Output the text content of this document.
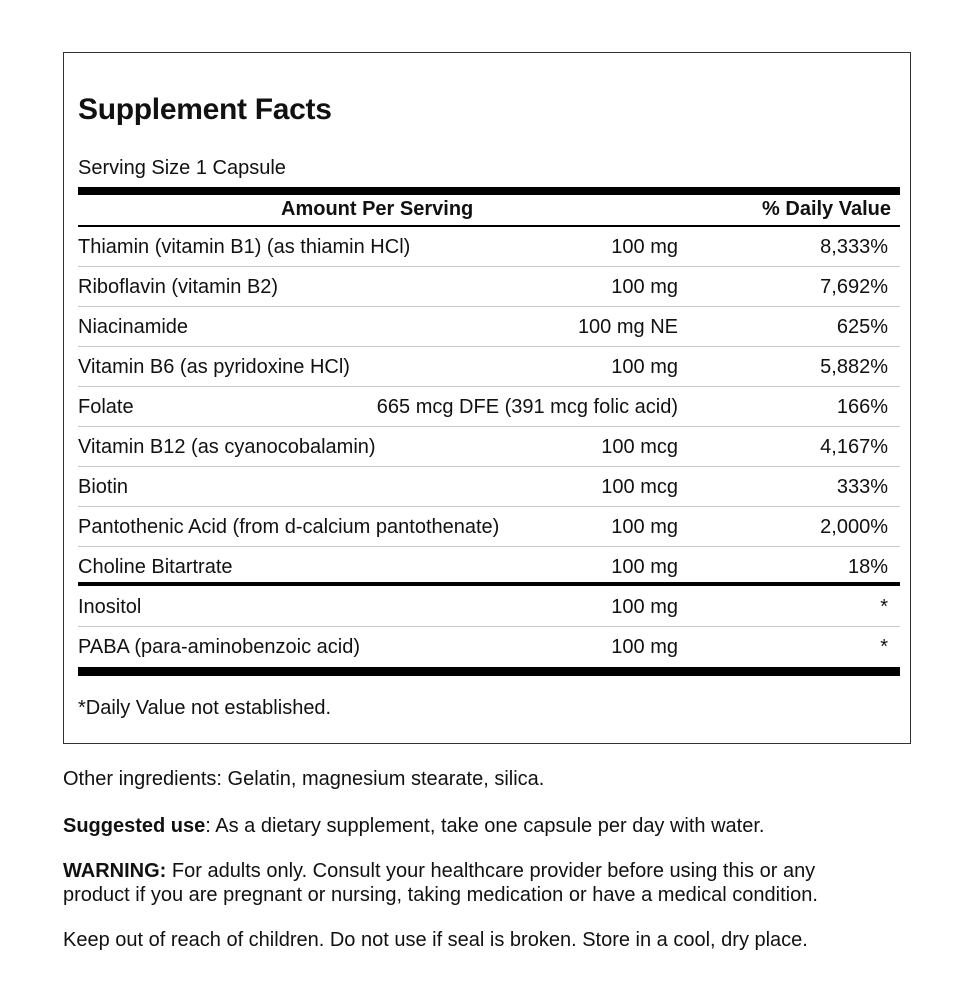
Supplement Facts
Serving Size 1 Capsule
Amount Per Serving	% Daily Value
Thiamin (vitamin B1) (as thiamin HCl)	100 mg	8,333%
Riboflavin (vitamin B2)	100 mg	7,692%
Niacinamide	100 mg NE	625%
Vitamin B6 (as pyridoxine HCl)	100 mg	5,882%
Folate	665 mcg DFE (391 mcg folic acid)	166%
Vitamin B12 (as cyanocobalamin)	100 mcg	4,167%
Biotin	100 mcg	333%
Pantothenic Acid (from d-calcium pantothenate)	100 mg	2,000%
Choline Bitartrate	100 mg	18%
Inositol	100 mg	*
PABA (para-aminobenzoic acid)	100 mg	*
*Daily Value not established.
Other ingredients: Gelatin, magnesium stearate, silica.
Suggested use: As a dietary supplement, take one capsule per day with water.
WARNING: For adults only. Consult your healthcare provider before using this or any product if you are pregnant or nursing, taking medication or have a medical condition.
Keep out of reach of children. Do not use if seal is broken. Store in a cool, dry place.
